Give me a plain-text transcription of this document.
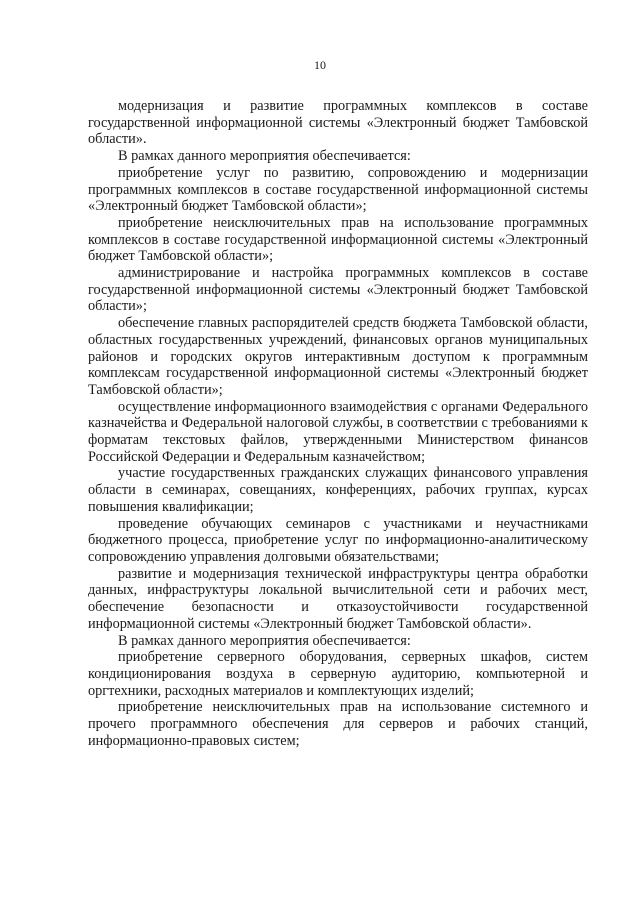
10

модернизация и развитие программных комплексов в составе государственной информационной системы «Электронный бюджет Тамбовской области».

В рамках данного мероприятия обеспечивается:

приобретение услуг по развитию, сопровождению и модернизации программных комплексов в составе государственной информационной системы «Электронный бюджет Тамбовской области»;

приобретение неисключительных прав на использование программных комплексов в составе государственной информационной системы «Электронный бюджет Тамбовской области»;

администрирование и настройка программных комплексов в составе государственной информационной системы «Электронный бюджет Тамбовской области»;

обеспечение главных распорядителей средств бюджета Тамбовской области, областных государственных учреждений, финансовых органов муниципальных районов и городских округов интерактивным доступом к программным комплексам государственной информационной системы «Электронный бюджет Тамбовской области»;

осуществление информационного взаимодействия с органами Федерального казначейства и Федеральной налоговой службы, в соответствии с требованиями к форматам текстовых файлов, утвержденными Министерством финансов Российской Федерации и Федеральным казначейством;

участие государственных гражданских служащих финансового управления области в семинарах, совещаниях, конференциях, рабочих группах, курсах повышения квалификации;

проведение обучающих семинаров с участниками и неучастниками бюджетного процесса, приобретение услуг по информационно-аналитическому сопровождению управления долговыми обязательствами;

развитие и модернизация технической инфраструктуры центра обработки данных, инфраструктуры локальной вычислительной сети и рабочих мест, обеспечение безопасности и отказоустойчивости государственной информационной системы «Электронный бюджет Тамбовской области».

В рамках данного мероприятия обеспечивается:

приобретение серверного оборудования, серверных шкафов, систем кондиционирования воздуха в серверную аудиторию, компьютерной и оргтехники, расходных материалов и комплектующих изделий;

приобретение неисключительных прав на использование системного и прочего программного обеспечения для серверов и рабочих станций, информационно-правовых систем;
